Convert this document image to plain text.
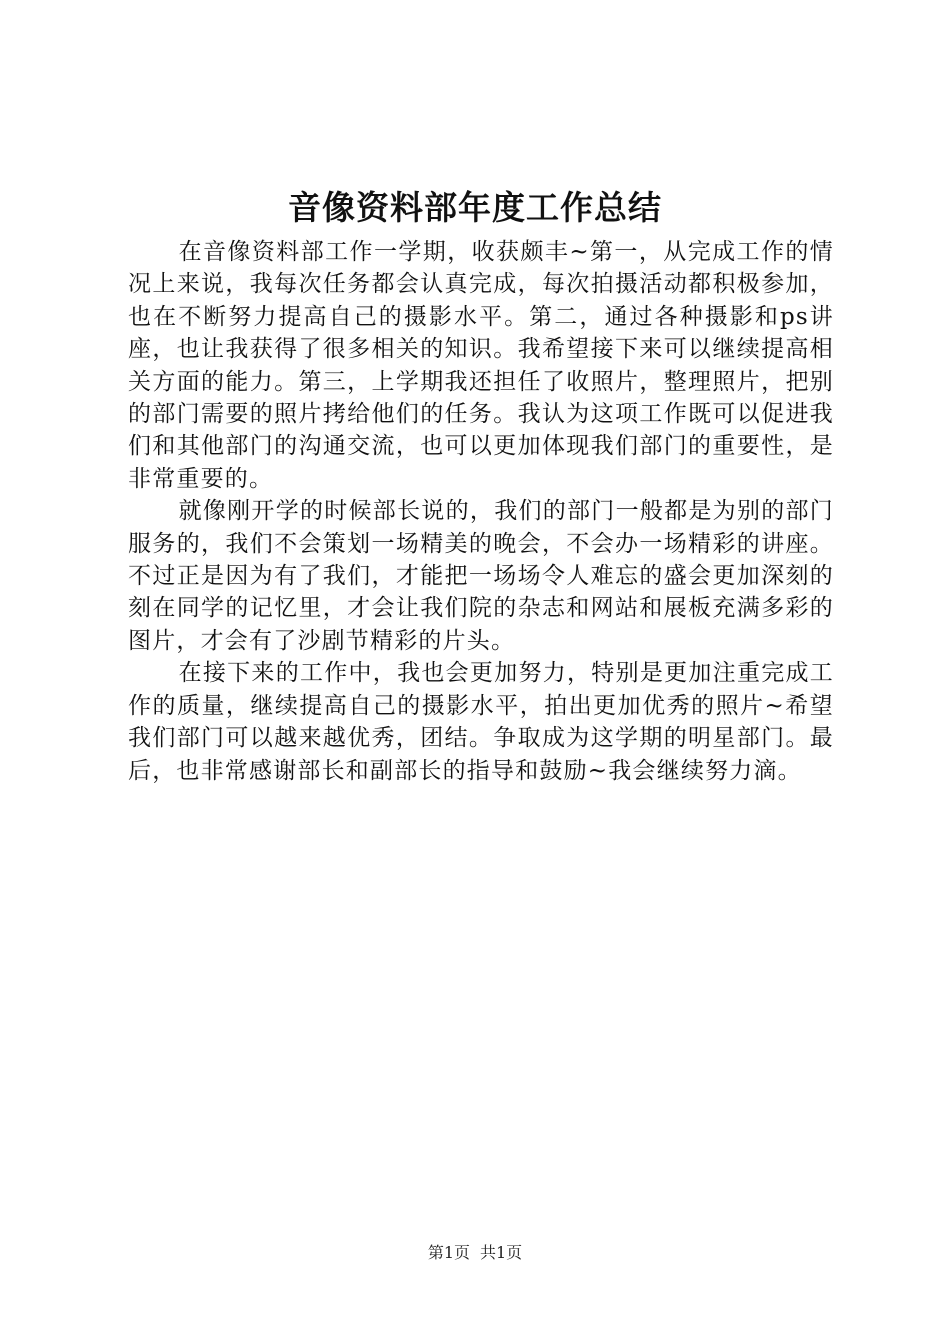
音像资料部年度工作总结

在音像资料部工作一学期，收获颇丰~第一，从完成工作的情况上来说，我每次任务都会认真完成，每次拍摄活动都积极参加，也在不断努力提高自己的摄影水平。第二，通过各种摄影和ps讲座，也让我获得了很多相关的知识。我希望接下来可以继续提高相关方面的能力。第三，上学期我还担任了收照片，整理照片，把别的部门需要的照片拷给他们的任务。我认为这项工作既可以促进我们和其他部门的沟通交流，也可以更加体现我们部门的重要性，是非常重要的。

就像刚开学的时候部长说的，我们的部门一般都是为别的部门服务的，我们不会策划一场精美的晚会，不会办一场精彩的讲座。不过正是因为有了我们，才能把一场场令人难忘的盛会更加深刻的刻在同学的记忆里，才会让我们院的杂志和网站和展板充满多彩的图片，才会有了沙剧节精彩的片头。

在接下来的工作中，我也会更加努力，特别是更加注重完成工作的质量，继续提高自己的摄影水平，拍出更加优秀的照片~希望我们部门可以越来越优秀，团结。争取成为这学期的明星部门。最后，也非常感谢部长和副部长的指导和鼓励~我会继续努力滴。

第1页 共1页
